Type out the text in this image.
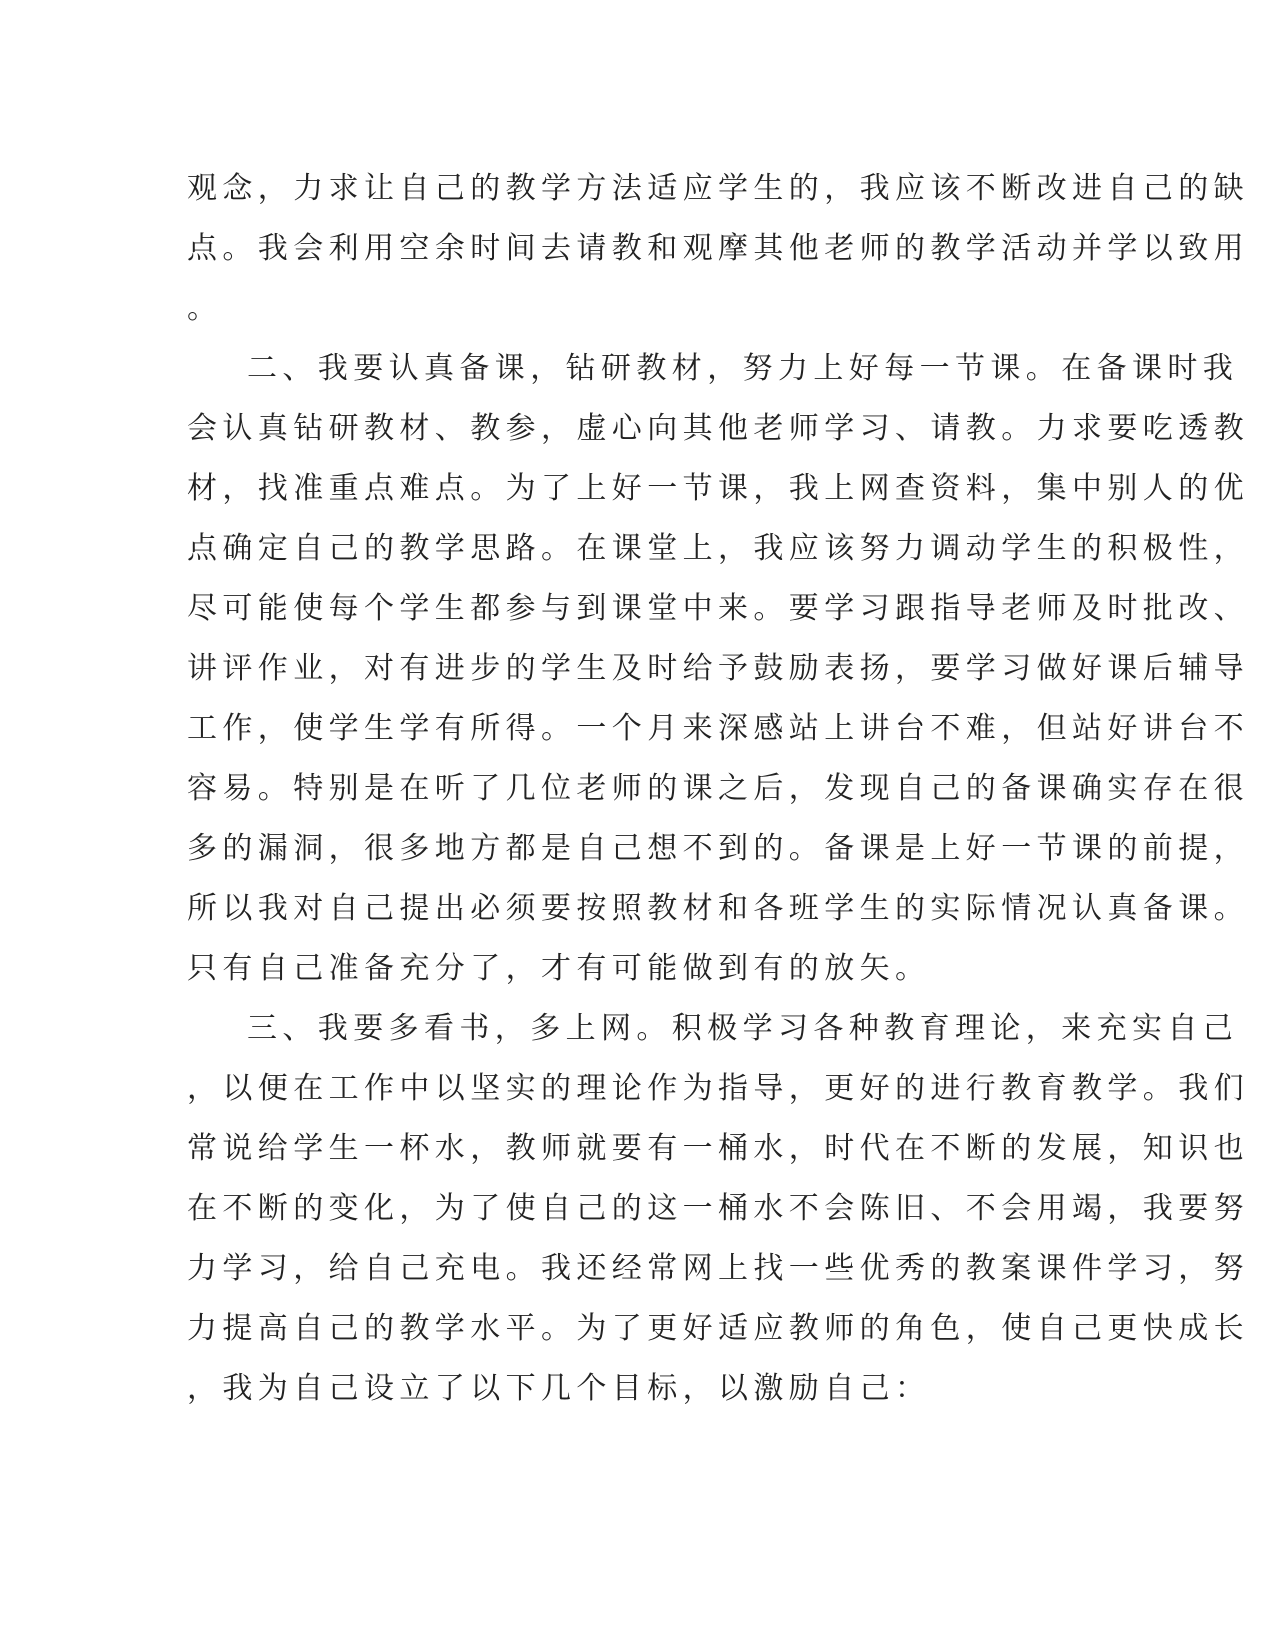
观念，力求让自己的教学方法适应学生的，我应该不断改进自己的缺
点。我会利用空余时间去请教和观摩其他老师的教学活动并学以致用
。
二、我要认真备课，钻研教材，努力上好每一节课。在备课时我
会认真钻研教材、教参，虚心向其他老师学习、请教。力求要吃透教
材，找准重点难点。为了上好一节课，我上网查资料，集中别人的优
点确定自己的教学思路。在课堂上，我应该努力调动学生的积极性，
尽可能使每个学生都参与到课堂中来。要学习跟指导老师及时批改、
讲评作业，对有进步的学生及时给予鼓励表扬，要学习做好课后辅导
工作，使学生学有所得。一个月来深感站上讲台不难，但站好讲台不
容易。特别是在听了几位老师的课之后，发现自己的备课确实存在很
多的漏洞，很多地方都是自己想不到的。备课是上好一节课的前提，
所以我对自己提出必须要按照教材和各班学生的实际情况认真备课。
只有自己准备充分了，才有可能做到有的放矢。
三、我要多看书，多上网。积极学习各种教育理论，来充实自己
，以便在工作中以坚实的理论作为指导，更好的进行教育教学。我们
常说给学生一杯水，教师就要有一桶水，时代在不断的发展，知识也
在不断的变化，为了使自己的这一桶水不会陈旧、不会用竭，我要努
力学习，给自己充电。我还经常网上找一些优秀的教案课件学习，努
力提高自己的教学水平。为了更好适应教师的角色，使自己更快成长
，我为自己设立了以下几个目标，以激励自己：
